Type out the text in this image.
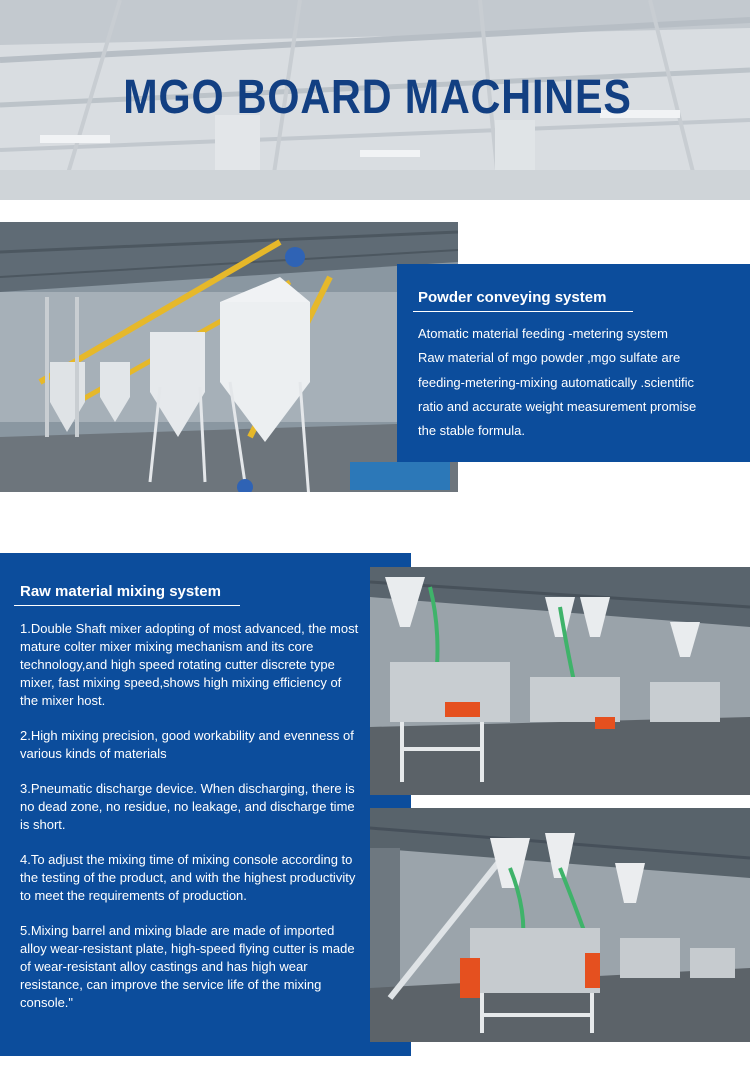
MGO BOARD MACHINES
Powder conveying system

Atomatic material feeding -metering system

Raw material of mgo powder ,mgo sulfate are

feeding-metering-mixing automatically .scientific

ratio and accurate weight measurement promise

the stable formula.

Raw material mixing system

1.Double Shaft mixer adopting of most advanced, the most mature colter mixer mixing mechanism and its core technology,and high speed rotating cutter discrete type mixer, fast mixing speed,shows high mixing efficiency of the mixer host.

2.High mixing precision, good workability and evenness of various kinds of materials

3.Pneumatic discharge device. When discharging, there is no dead zone, no residue, no leakage, and discharge time is short.

4.To adjust the mixing time of mixing console according to the testing of the product, and with the highest productivity to meet the requirements of production.

5.Mixing barrel and mixing blade are made of imported alloy wear-resistant plate, high-speed flying cutter is made of wear-resistant alloy castings and has high wear resistance, can improve the service life of the mixing console."
